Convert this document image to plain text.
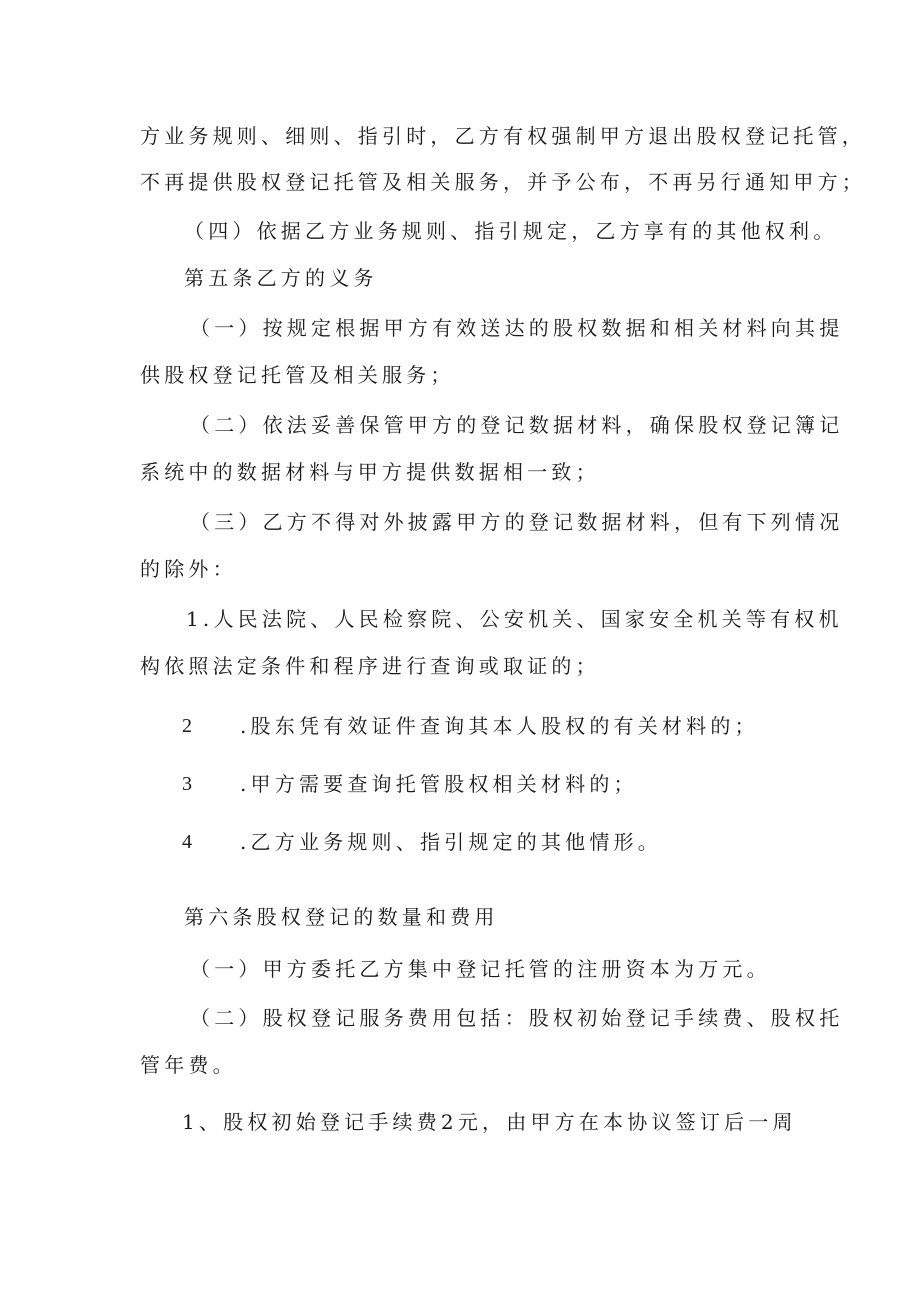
方业务规则、细则、指引时，乙方有权强制甲方退出股权登记托管，
不再提供股权登记托管及相关服务，并予公布，不再另行通知甲方；
（四）依据乙方业务规则、指引规定，乙方享有的其他权利。
第五条乙方的义务
（一）按规定根据甲方有效送达的股权数据和相关材料向其提
供股权登记托管及相关服务；
（二）依法妥善保管甲方的登记数据材料，确保股权登记簿记
系统中的数据材料与甲方提供数据相一致；
（三）乙方不得对外披露甲方的登记数据材料，但有下列情况
的除外：
1.人民法院、人民检察院、公安机关、国家安全机关等有权机
构依照法定条件和程序进行查询或取证的；
2 .股东凭有效证件查询其本人股权的有关材料的；
3 .甲方需要查询托管股权相关材料的；
4 .乙方业务规则、指引规定的其他情形。
第六条股权登记的数量和费用
（一）甲方委托乙方集中登记托管的注册资本为万元。
（二）股权登记服务费用包括：股权初始登记手续费、股权托
管年费。
1、股权初始登记手续费2元，由甲方在本协议签订后一周
